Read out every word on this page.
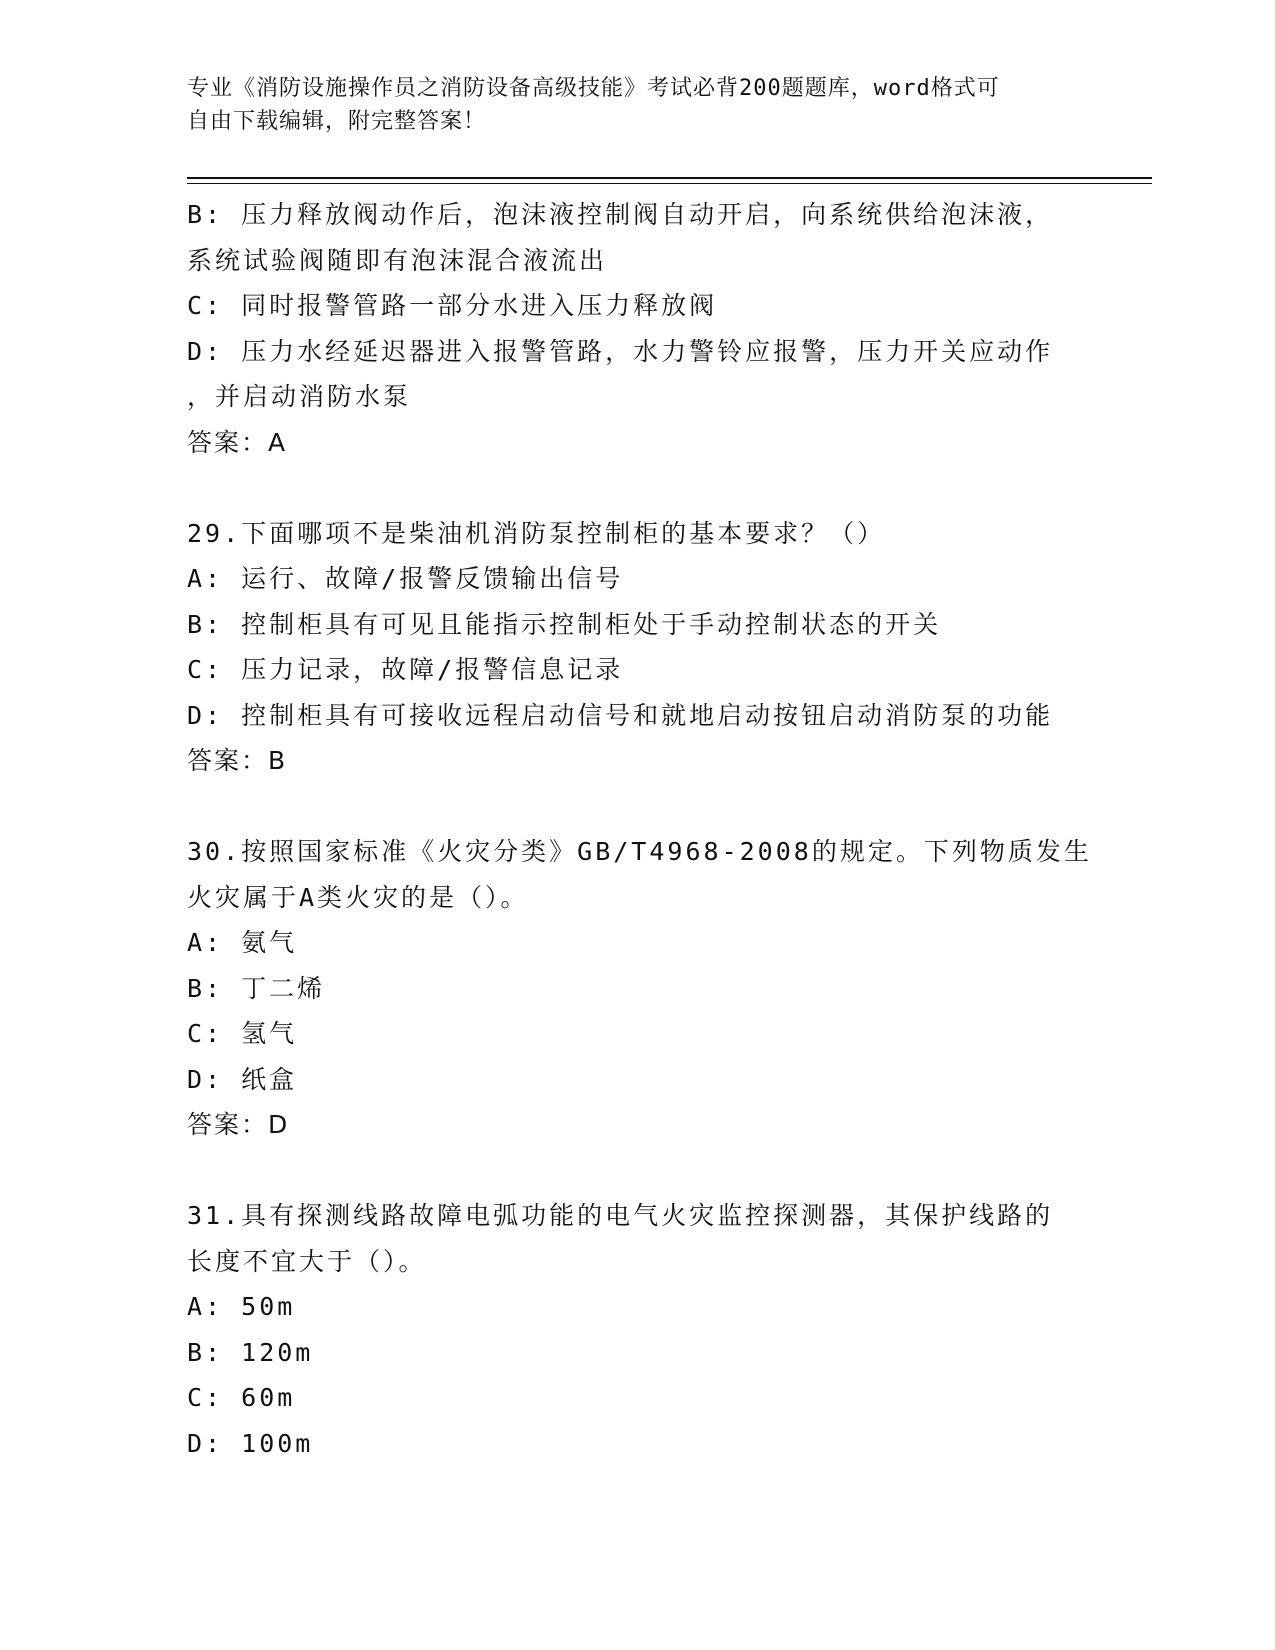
专业《消防设施操作员之消防设备高级技能》考试必背200题题库，word格式可
自由下载编辑，附完整答案！
B: 压力释放阀动作后，泡沫液控制阀自动开启，向系统供给泡沫液，
系统试验阀随即有泡沫混合液流出
C: 同时报警管路一部分水进入压力释放阀
D: 压力水经延迟器进入报警管路，水力警铃应报警，压力开关应动作
，并启动消防水泵
答案：A
29.下面哪项不是柴油机消防泵控制柜的基本要求？（）
A: 运行、故障/报警反馈输出信号
B: 控制柜具有可见且能指示控制柜处于手动控制状态的开关
C: 压力记录，故障/报警信息记录
D: 控制柜具有可接收远程启动信号和就地启动按钮启动消防泵的功能
答案：B
30.按照国家标准《火灾分类》GB/T4968-2008的规定。下列物质发生
火灾属于A类火灾的是（）。
A: 氨气
B: 丁二烯
C: 氢气
D: 纸盒
答案：D
31.具有探测线路故障电弧功能的电气火灾监控探测器，其保护线路的
长度不宜大于（）。
A: 50m
B: 120m
C: 60m
D: 100m
